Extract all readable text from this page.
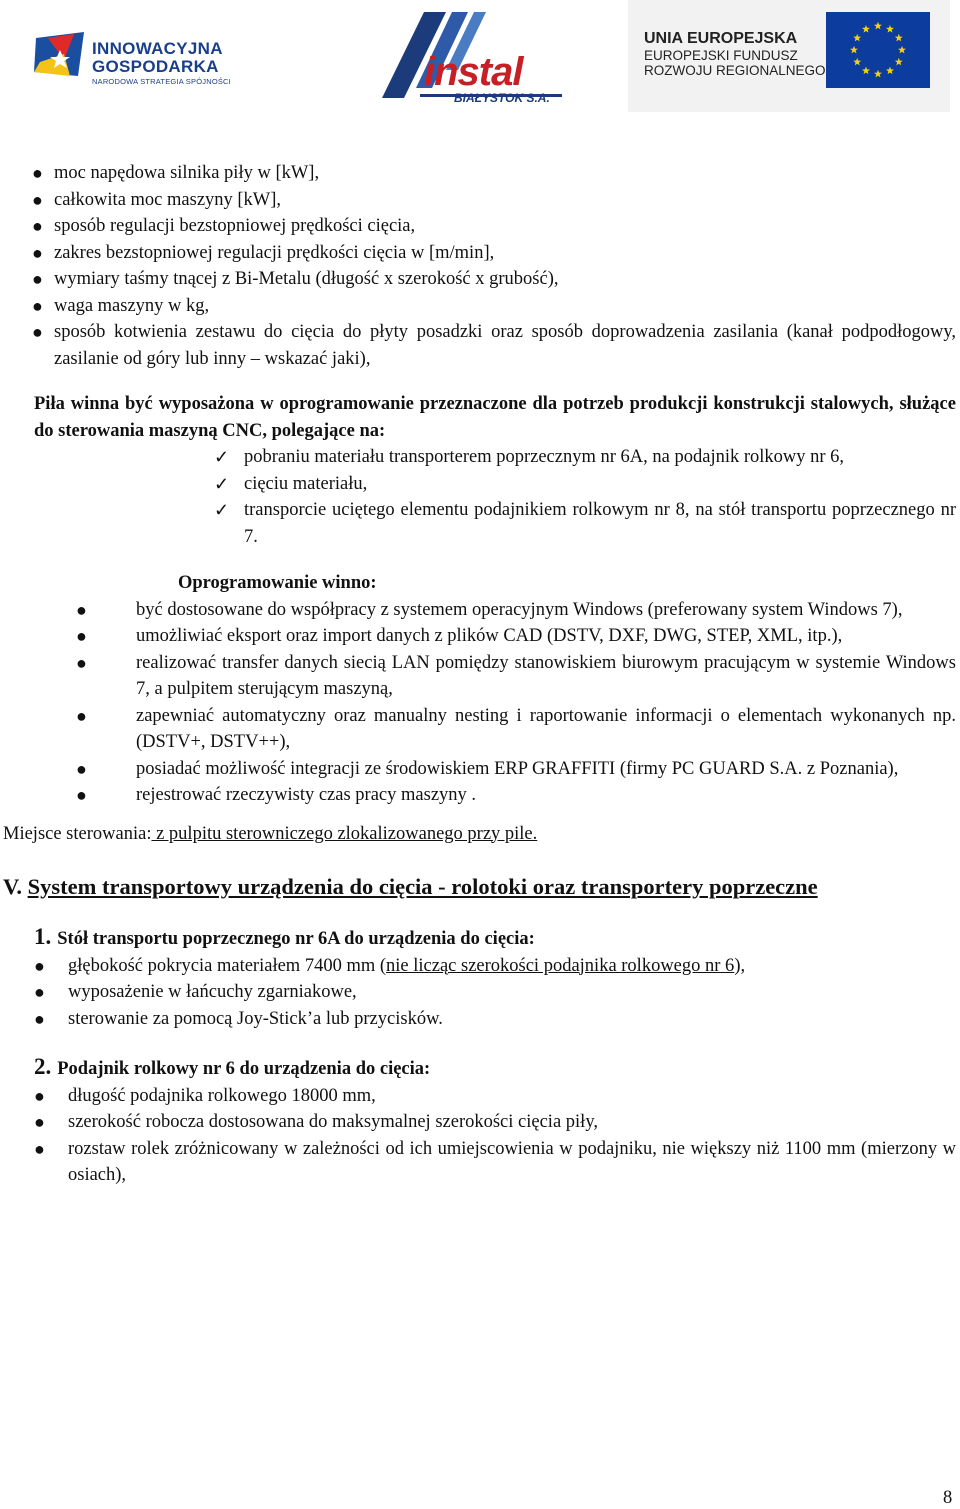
INNOWACYJNA
GOSPODARKA
NARODOWA STRATEGIA SPÓJNOŚCI	instal
BIAŁYSTOK S.A.
UNIA EUROPEJSKA
EUROPEJSKI FUNDUSZ
ROZWOJU REGIONALNEGO
● moc napędowa silnika piły w [kW],
● całkowita moc maszyny [kW],
● sposób regulacji bezstopniowej prędkości cięcia,
● zakres bezstopniowej regulacji prędkości cięcia w [m/min],
● wymiary taśmy tnącej z Bi-Metalu (długość x szerokość x grubość),
● waga maszyny w kg,
● sposób kotwienia zestawu do cięcia do płyty posadzki oraz sposób doprowadzenia zasilania (kanał podpodłogowy, zasilanie od góry lub inny – wskazać jaki),
Piła winna być wyposażona w oprogramowanie przeznaczone dla potrzeb produkcji konstrukcji stalowych, służące do sterowania maszyną CNC, polegające na:
✓ pobraniu materiału transporterem poprzecznym nr 6A, na podajnik rolkowy nr 6,
✓ cięciu materiału,
✓ transporcie uciętego elementu podajnikiem rolkowym nr 8, na stół transportu poprzecznego nr 7.
Oprogramowanie winno:
●	być dostosowane do współpracy z systemem operacyjnym Windows (preferowany system Windows 7),
●	umożliwiać eksport oraz import danych z plików CAD (DSTV, DXF, DWG, STEP, XML, itp.),
●	realizować transfer danych siecią LAN pomiędzy stanowiskiem biurowym pracującym w systemie Windows 7, a pulpitem sterującym maszyną,
●	zapewniać automatyczny oraz manualny nesting i raportowanie informacji o elementach wykonanych np.(DSTV+, DSTV++),
●	posiadać możliwość integracji ze środowiskiem ERP GRAFFITI (firmy PC GUARD S.A. z Poznania),
●	rejestrować rzeczywisty czas pracy maszyny .
Miejsce sterowania: z pulpitu sterowniczego zlokalizowanego przy pile.
V. System transportowy urządzenia do cięcia - rolotoki oraz transportery poprzeczne
1. Stół transportu poprzecznego nr 6A do urządzenia do cięcia:
● głębokość pokrycia materiałem 7400 mm (nie licząc szerokości podajnika rolkowego nr 6),
● wyposażenie w łańcuchy zgarniakowe,
● sterowanie za pomocą Joy-Stick’a lub przycisków.
2. Podajnik rolkowy nr 6 do urządzenia do cięcia:
● długość podajnika rolkowego 18000 mm,
● szerokość robocza dostosowana do maksymalnej szerokości cięcia piły,
● rozstaw rolek zróżnicowany w zależności od ich umiejscowienia w podajniku, nie większy niż 1100 mm (mierzony w osiach),
8
